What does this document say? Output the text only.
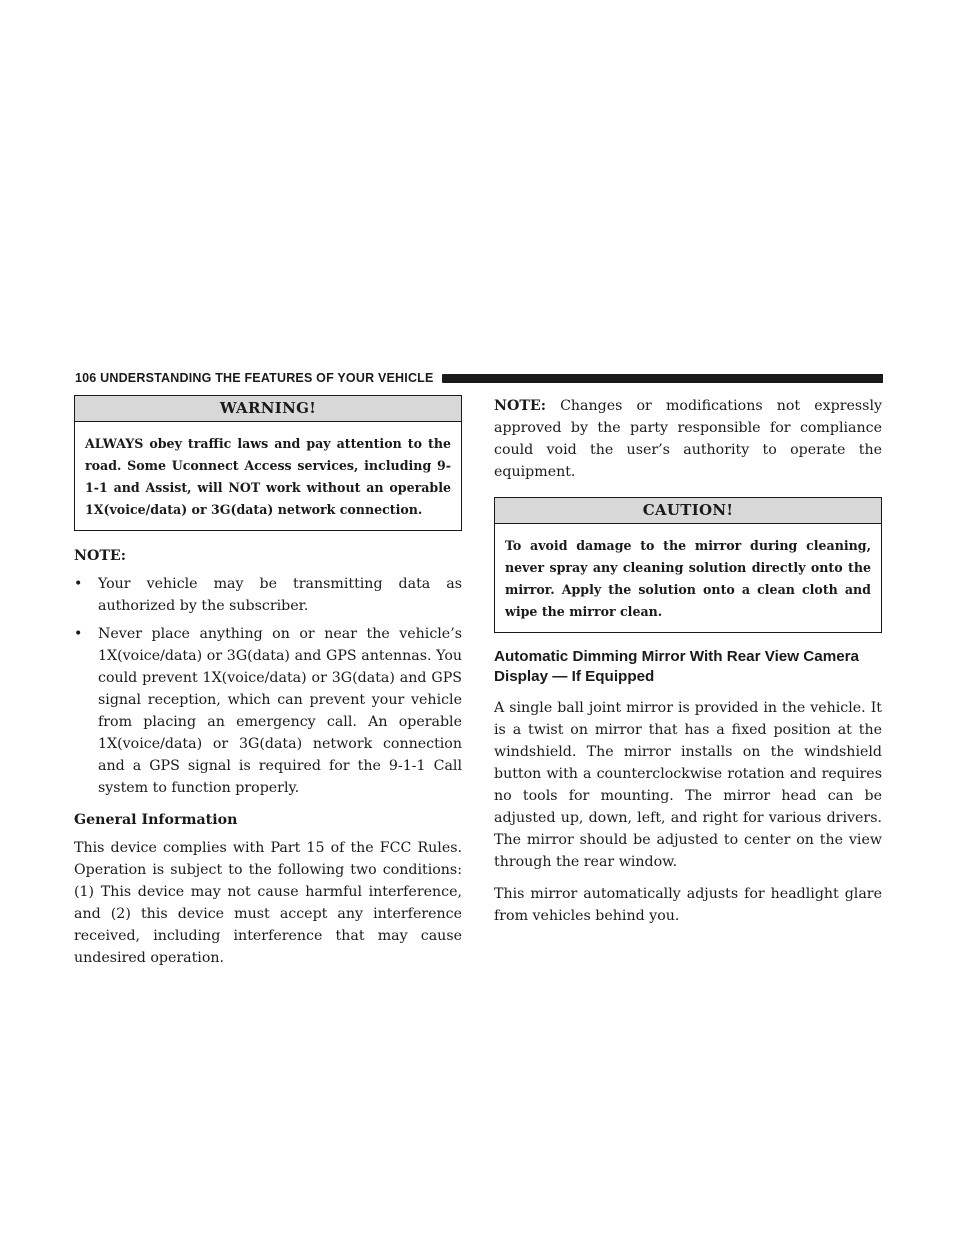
106 UNDERSTANDING THE FEATURES OF YOUR VEHICLE
WARNING!
ALWAYS obey traffic laws and pay attention to the road. Some Uconnect Access services, including 9-1-1 and Assist, will NOT work without an operable 1X(voice/data) or 3G(data) network connection.

NOTE:

•	Your vehicle may be transmitting data as authorized by the subscriber.
•	Never place anything on or near the vehicle’s 1X(voice/data) or 3G(data) and GPS antennas. You could prevent 1X(voice/data) or 3G(data) and GPS signal reception, which can prevent your vehicle from placing an emergency call. An operable 1X(voice/data) or 3G(data) network connection and a GPS signal is required for the 9-1-1 Call system to function properly.

General Information

This device complies with Part 15 of the FCC Rules. Operation is subject to the following two conditions: (1) This device may not cause harmful interference, and (2) this device must accept any interference received, including interference that may cause undesired operation.

NOTE: Changes or modifications not expressly approved by the party responsible for compliance could void the user’s authority to operate the equipment.

CAUTION!
To avoid damage to the mirror during cleaning, never spray any cleaning solution directly onto the mirror. Apply the solution onto a clean cloth and wipe the mirror clean.
Automatic Dimming Mirror With Rear View Camera Display — If Equipped

A single ball joint mirror is provided in the vehicle. It is a twist on mirror that has a fixed position at the windshield. The mirror installs on the windshield button with a counterclockwise rotation and requires no tools for mounting. The mirror head can be adjusted up, down, left, and right for various drivers. The mirror should be adjusted to center on the view through the rear window.

This mirror automatically adjusts for headlight glare from vehicles behind you.
